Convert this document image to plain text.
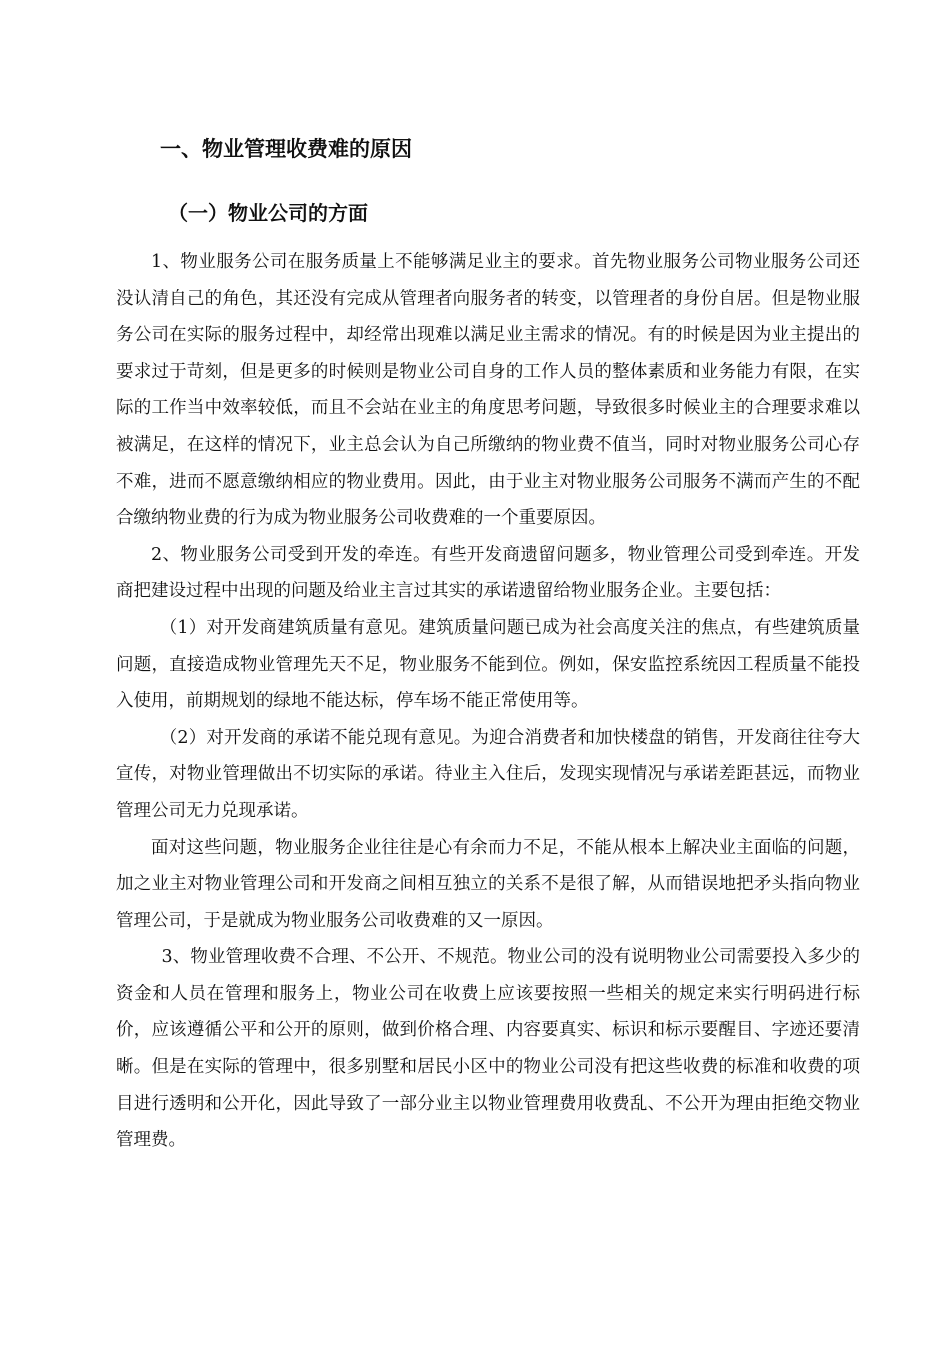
一、物业管理收费难的原因
（一）物业公司的方面

1、物业服务公司在服务质量上不能够满足业主的要求。首先物业服务公司物业服务公司还没认清自己的角色，其还没有完成从管理者向服务者的转变，以管理者的身份自居。但是物业服务公司在实际的服务过程中，却经常出现难以满足业主需求的情况。有的时候是因为业主提出的要求过于苛刻，但是更多的时候则是物业公司自身的工作人员的整体素质和业务能力有限，在实际的工作当中效率较低，而且不会站在业主的角度思考问题，导致很多时候业主的合理要求难以被满足，在这样的情况下，业主总会认为自己所缴纳的物业费不值当，同时对物业服务公司心存不难，进而不愿意缴纳相应的物业费用。因此，由于业主对物业服务公司服务不满而产生的不配合缴纳物业费的行为成为物业服务公司收费难的一个重要原因。

2、物业服务公司受到开发的牵连。有些开发商遗留问题多，物业管理公司受到牵连。开发商把建设过程中出现的问题及给业主言过其实的承诺遗留给物业服务企业。主要包括：

（1）对开发商建筑质量有意见。建筑质量问题已成为社会高度关注的焦点，有些建筑质量问题，直接造成物业管理先天不足，物业服务不能到位。例如，保安监控系统因工程质量不能投入使用，前期规划的绿地不能达标，停车场不能正常使用等。

（2）对开发商的承诺不能兑现有意见。为迎合消费者和加快楼盘的销售，开发商往往夸大宣传，对物业管理做出不切实际的承诺。待业主入住后，发现实现情况与承诺差距甚远，而物业管理公司无力兑现承诺。

面对这些问题，物业服务企业往往是心有余而力不足，不能从根本上解决业主面临的问题，加之业主对物业管理公司和开发商之间相互独立的关系不是很了解，从而错误地把矛头指向物业管理公司，于是就成为物业服务公司收费难的又一原因。

3、物业管理收费不合理、不公开、不规范。物业公司的没有说明物业公司需要投入多少的资金和人员在管理和服务上，物业公司在收费上应该要按照一些相关的规定来实行明码进行标价，应该遵循公平和公开的原则，做到价格合理、内容要真实、标识和标示要醒目、字迹还要清晰。但是在实际的管理中，很多别墅和居民小区中的物业公司没有把这些收费的标准和收费的项目进行透明和公开化，因此导致了一部分业主以物业管理费用收费乱、不公开为理由拒绝交物业管理费。
